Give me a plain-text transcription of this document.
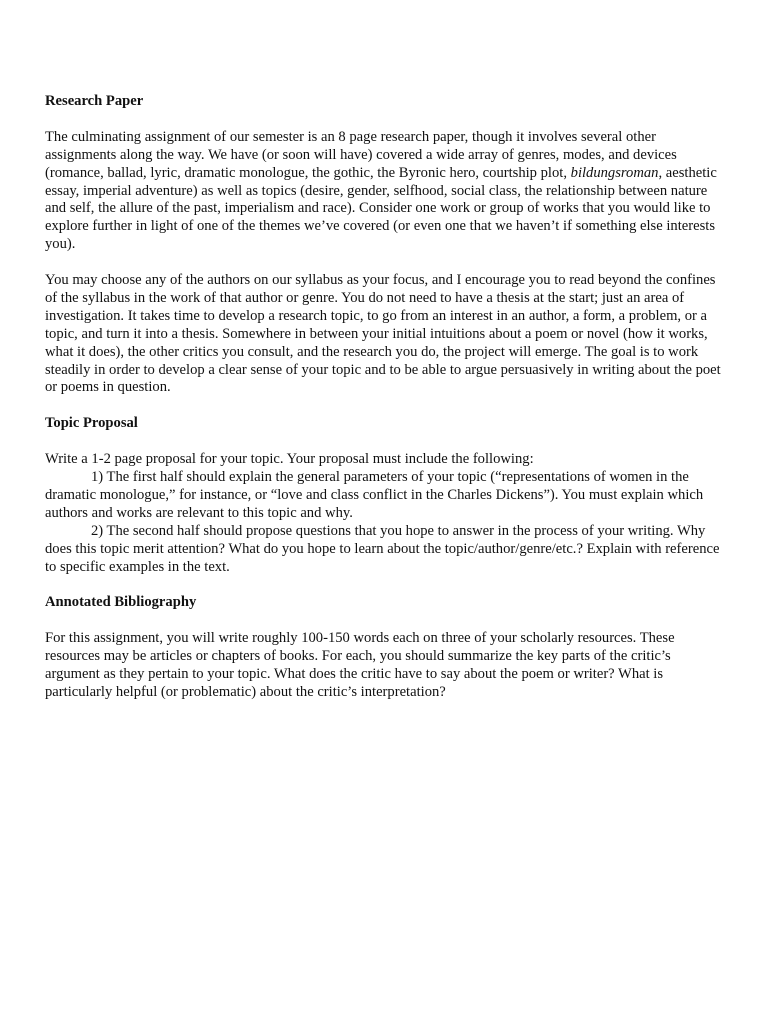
Research Paper

The culminating assignment of our semester is an 8 page research paper, though it involves several other assignments along the way. We have (or soon will have) covered a wide array of genres, modes, and devices (romance, ballad, lyric, dramatic monologue, the gothic, the Byronic hero, courtship plot, bildungsroman, aesthetic essay, imperial adventure) as well as topics (desire, gender, selfhood, social class, the relationship between nature and self, the allure of the past, imperialism and race). Consider one work or group of works that you would like to explore further in light of one of the themes we’ve covered (or even one that we haven’t if something else interests you).

You may choose any of the authors on our syllabus as your focus, and I encourage you to read beyond the confines of the syllabus in the work of that author or genre. You do not need to have a thesis at the start; just an area of investigation. It takes time to develop a research topic, to go from an interest in an author, a form, a problem, or a topic, and turn it into a thesis. Somewhere in between your initial intuitions about a poem or novel (how it works, what it does), the other critics you consult, and the research you do, the project will emerge. The goal is to work steadily in order to develop a clear sense of your topic and to be able to argue persuasively in writing about the poet or poems in question.

Topic Proposal

Write a 1-2 page proposal for your topic. Your proposal must include the following:

1) The first half should explain the general parameters of your topic (“representations of women in the dramatic monologue,” for instance, or “love and class conflict in the Charles Dickens”). You must explain which authors and works are relevant to this topic and why.

2) The second half should propose questions that you hope to answer in the process of your writing. Why does this topic merit attention? What do you hope to learn about the topic/author/genre/etc.? Explain with reference to specific examples in the text.

Annotated Bibliography

For this assignment, you will write roughly 100-150 words each on three of your scholarly resources. These resources may be articles or chapters of books. For each, you should summarize the key parts of the critic’s argument as they pertain to your topic. What does the critic have to say about the poem or writer? What is particularly helpful (or problematic) about the critic’s interpretation?
